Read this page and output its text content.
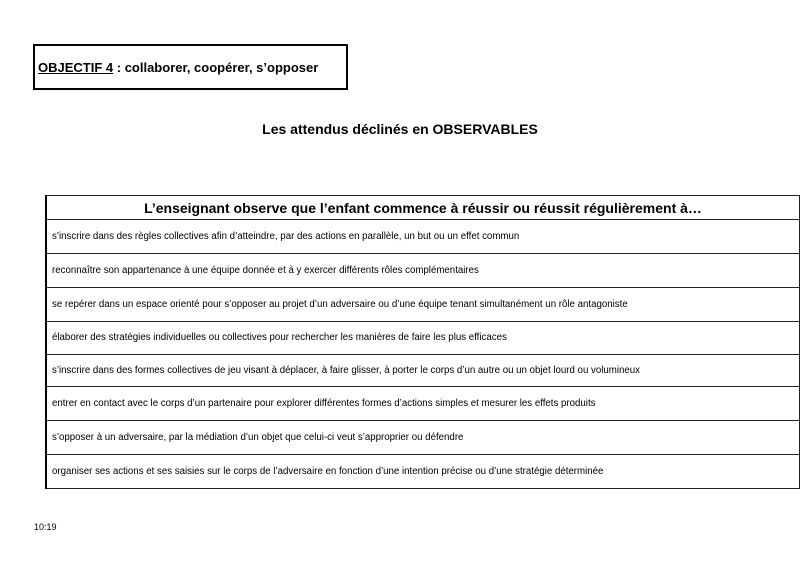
OBJECTIF 4 : collaborer, coopérer, s’opposer
Les attendus déclinés en OBSERVABLES
L’enseignant observe que l’enfant commence à réussir ou réussit régulièrement à…
s’inscrire dans des règles collectives afin d’atteindre, par des actions en parallèle, un but ou un effet commun
reconnaître son appartenance à une équipe donnée et à y exercer différents rôles complémentaires
se repérer dans un espace orienté pour s’opposer au projet d’un adversaire ou d’une équipe tenant simultanément un rôle antagoniste
élaborer des stratégies individuelles ou collectives pour rechercher les manières de faire les plus efficaces
s’inscrire dans des formes collectives de jeu visant à déplacer, à faire glisser, à porter le corps d’un autre ou un objet lourd ou volumineux
entrer en contact avec le corps d’un partenaire pour explorer différentes formes d’actions simples et mesurer les effets produits
s’opposer à un adversaire, par la médiation d’un objet que celui-ci veut s’approprier ou défendre
organiser ses actions et ses saisies sur le corps de l’adversaire en fonction d’une intention précise ou d’une stratégie déterminée
10:19
